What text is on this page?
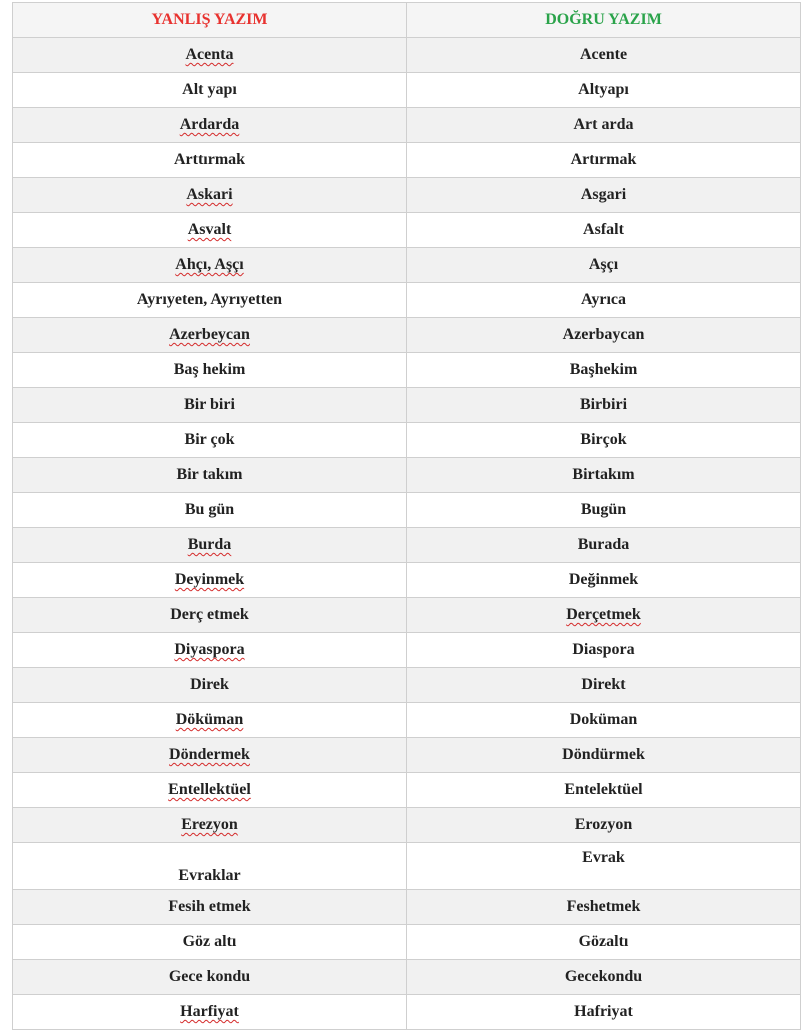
YANLIŞ YAZIM	DOĞRU YAZIM
Acenta	Acente
Alt yapı	Altyapı
Ardarda	Art arda
Arttırmak	Artırmak
Askari	Asgari
Asvalt	Asfalt
Ahçı, Aşçı	Aşçı
Ayrıyeten, Ayrıyetten	Ayrıca
Azerbeycan	Azerbaycan
Baş hekim	Başhekim
Bir biri	Birbiri
Bir çok	Birçok
Bir takım	Birtakım
Bu gün	Bugün
Burda	Burada
Deyinmek	Değinmek
Derç etmek	Derçetmek
Diyaspora	Diaspora
Direk	Direkt
Döküman	Doküman
Döndermek	Döndürmek
Entellektüel	Entelektüel
Erezyon	Erozyon
Evraklar	Evrak
Fesih etmek	Feshetmek
Göz altı	Gözaltı
Gece kondu	Gecekondu
Harfiyat	Hafriyat
